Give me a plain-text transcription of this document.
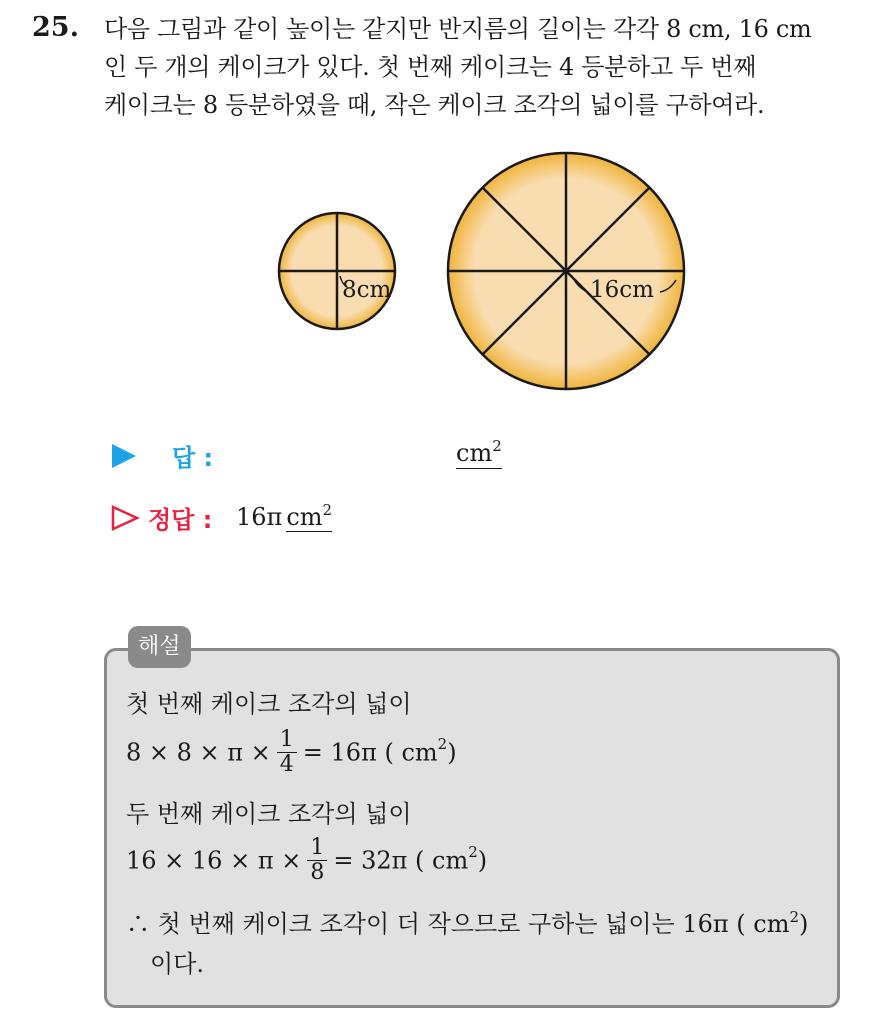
25. 다음 그림과 같이 높이는 같지만 반지름의 길이는 각각 8 cm, 16 cm
인 두 개의 케이크가 있다. 첫 번째 케이크는 4 등분하고 두 번째
케이크는 8 등분하였을 때, 작은 케이크 조각의 넓이를 구하여라.
8cm	16cm
답 :	$cm^2$
정답 : 16π $cm^2$
해설
첫 번째 케이크 조각의 넓이
$8 \times 8 \times \pi \times \frac{1}{4} = 16\pi$ ( $cm^2$)
두 번째 케이크 조각의 넓이
$16 \times 16 \times \pi \times \frac{1}{8} = 32\pi$ ( $cm^2$)
∴ 첫 번째 케이크 조각이 더 작으므로 구하는 넓이는 16π ( $cm^2$)
이다.
